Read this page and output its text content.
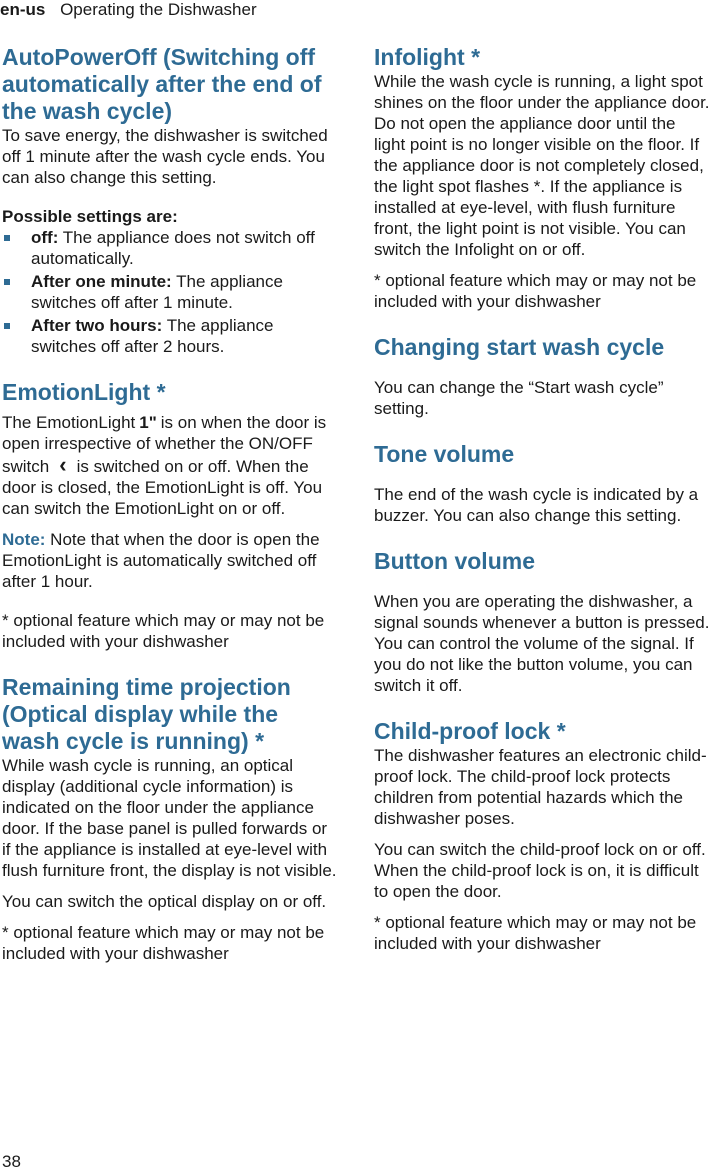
en-us Operating the Dishwasher
AutoPowerOff (Switching off automatically after the end of the wash cycle)

To save energy, the dishwasher is switched off 1 minute after the wash cycle ends. You can also change this setting.

Possible settings are:

off: The appliance does not switch off automatically.
After one minute: The appliance switches off after 1 minute.
After two hours: The appliance switches off after 2 hours.
EmotionLight *

The EmotionLight 1" is on when the door is open irrespective of whether the ON/OFF switch ‹ is switched on or off. When the door is closed, the EmotionLight is off. You can switch the EmotionLight on or off.

Note: Note that when the door is open the EmotionLight is automatically switched off after 1 hour.

* optional feature which may or may not be included with your dishwasher

Remaining time projection (Optical display while the wash cycle is running) *

While wash cycle is running, an optical display (additional cycle information) is indicated on the floor under the appliance door. If the base panel is pulled forwards or if the appliance is installed at eye-level with flush furniture front, the display is not visible.

You can switch the optical display on or off.

* optional feature which may or may not be included with your dishwasher

Infolight *

While the wash cycle is running, a light spot shines on the floor under the appliance door. Do not open the appliance door until the light point is no longer visible on the floor. If the appliance door is not completely closed, the light spot flashes *. If the appliance is installed at eye-level, with flush furniture front, the light point is not visible. You can switch the Infolight on or off.

* optional feature which may or may not be included with your dishwasher

Changing start wash cycle

You can change the “Start wash cycle” setting.

Tone volume

The end of the wash cycle is indicated by a buzzer. You can also change this setting.

Button volume

When you are operating the dishwasher, a signal sounds whenever a button is pressed. You can control the volume of the signal. If you do not like the button volume, you can switch it off.

Child-proof lock *

The dishwasher features an electronic child-proof lock. The child-proof lock protects children from potential hazards which the dishwasher poses.

You can switch the child-proof lock on or off. When the child-proof lock is on, it is difficult to open the door.

* optional feature which may or may not be included with your dishwasher

38
